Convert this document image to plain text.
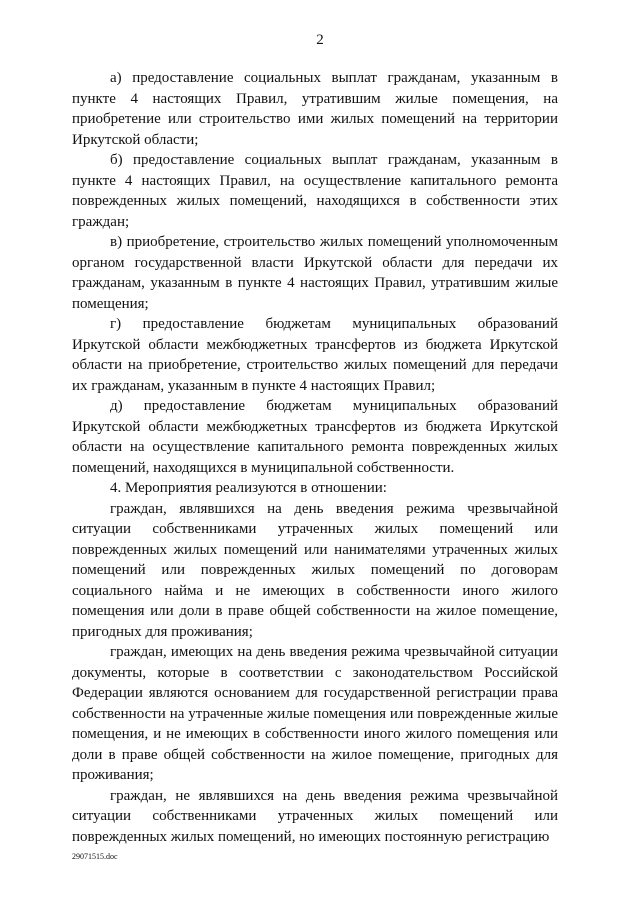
2

а) предоставление социальных выплат гражданам, указанным в пункте 4 настоящих Правил, утратившим жилые помещения, на приобретение или строительство ими жилых помещений на территории Иркутской области;

б) предоставление социальных выплат гражданам, указанным в пункте 4 настоящих Правил, на осуществление капитального ремонта поврежденных жилых помещений, находящихся в собственности этих граждан;

в) приобретение, строительство жилых помещений уполномоченным органом государственной власти Иркутской области для передачи их гражданам, указанным в пункте 4 настоящих Правил, утратившим жилые помещения;

г) предоставление бюджетам муниципальных образований Иркутской области межбюджетных трансфертов из бюджета Иркутской области на приобретение, строительство жилых помещений для передачи их гражданам, указанным в пункте 4 настоящих Правил;

д) предоставление бюджетам муниципальных образований Иркутской области межбюджетных трансфертов из бюджета Иркутской области на осуществление капитального ремонта поврежденных жилых помещений, находящихся в муниципальной собственности.

4. Мероприятия реализуются в отношении:

граждан, являвшихся на день введения режима чрезвычайной ситуации собственниками утраченных жилых помещений или поврежденных жилых помещений или нанимателями утраченных жилых помещений или поврежденных жилых помещений по договорам социального найма и не имеющих в собственности иного жилого помещения или доли в праве общей собственности на жилое помещение, пригодных для проживания;

граждан, имеющих на день введения режима чрезвычайной ситуации документы, которые в соответствии с законодательством Российской Федерации являются основанием для государственной регистрации права собственности на утраченные жилые помещения или поврежденные жилые помещения, и не имеющих в собственности иного жилого помещения или доли в праве общей собственности на жилое помещение, пригодных для проживания;

граждан, не являвшихся на день введения режима чрезвычайной ситуации собственниками утраченных жилых помещений или поврежденных жилых помещений, но имеющих постоянную регистрацию

29071515.doc
